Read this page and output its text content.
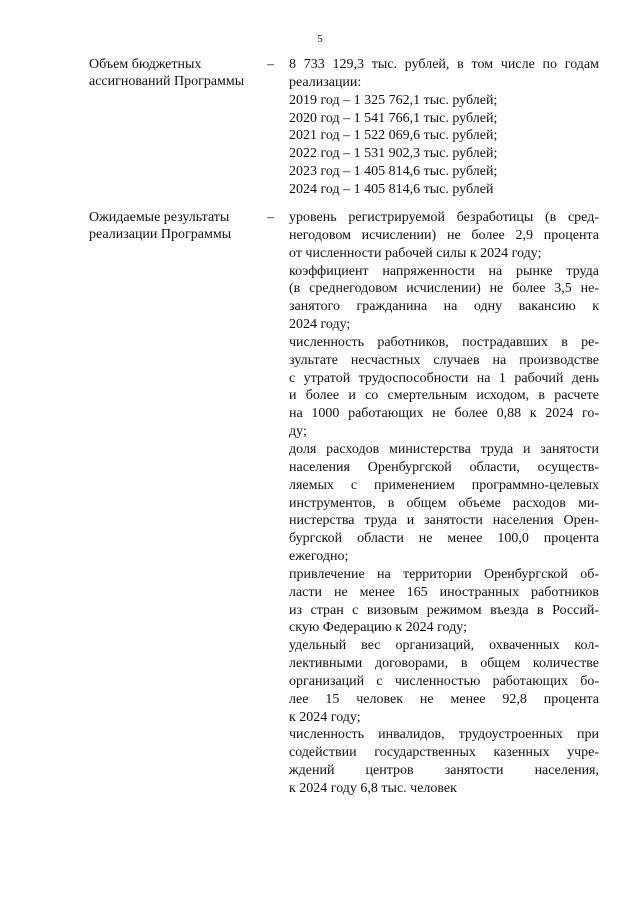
5
Объем бюджетных
ассигнований Программы
– 8 733 129,3 тыс. рублей, в том числе по годам
реализации:
2019 год – 1 325 762,1 тыс. рублей;
2020 год – 1 541 766,1 тыс. рублей;
2021 год – 1 522 069,6 тыс. рублей;
2022 год – 1 531 902,3 тыс. рублей;
2023 год – 1 405 814,6 тыс. рублей;
2024 год – 1 405 814,6 тыс. рублей
Ожидаемые результаты
реализации Программы
– уровень регистрируемой безработицы (в сред-
негодовом исчислении) не более 2,9 процента
от численности рабочей силы к 2024 году;
коэффициент напряженности на рынке труда
(в среднегодовом исчислении) не более 3,5 не-
занятого гражданина на одну вакансию к
2024 году;
численность работников, пострадавших в ре-
зультате несчастных случаев на производстве
с утратой трудоспособности на 1 рабочий день
и более и со смертельным исходом, в расчете
на 1000 работающих не более 0,88 к 2024 го-
ду;
доля расходов министерства труда и занятости
населения Оренбургской области, осуществ-
ляемых с применением программно-целевых
инструментов, в общем объеме расходов ми-
нистерства труда и занятости населения Орен-
бургской области не менее 100,0 процента
ежегодно;
привлечение на территории Оренбургской об-
ласти не менее 165 иностранных работников
из стран с визовым режимом въезда в Россий-
скую Федерацию к 2024 году;
удельный вес организаций, охваченных кол-
лективными договорами, в общем количестве
организаций с численностью работающих бо-
лее 15 человек не менее 92,8 процента
к 2024 году;
численность инвалидов, трудоустроенных при
содействии государственных казенных учре-
ждений центров занятости населения,
к 2024 году 6,8 тыс. человек
